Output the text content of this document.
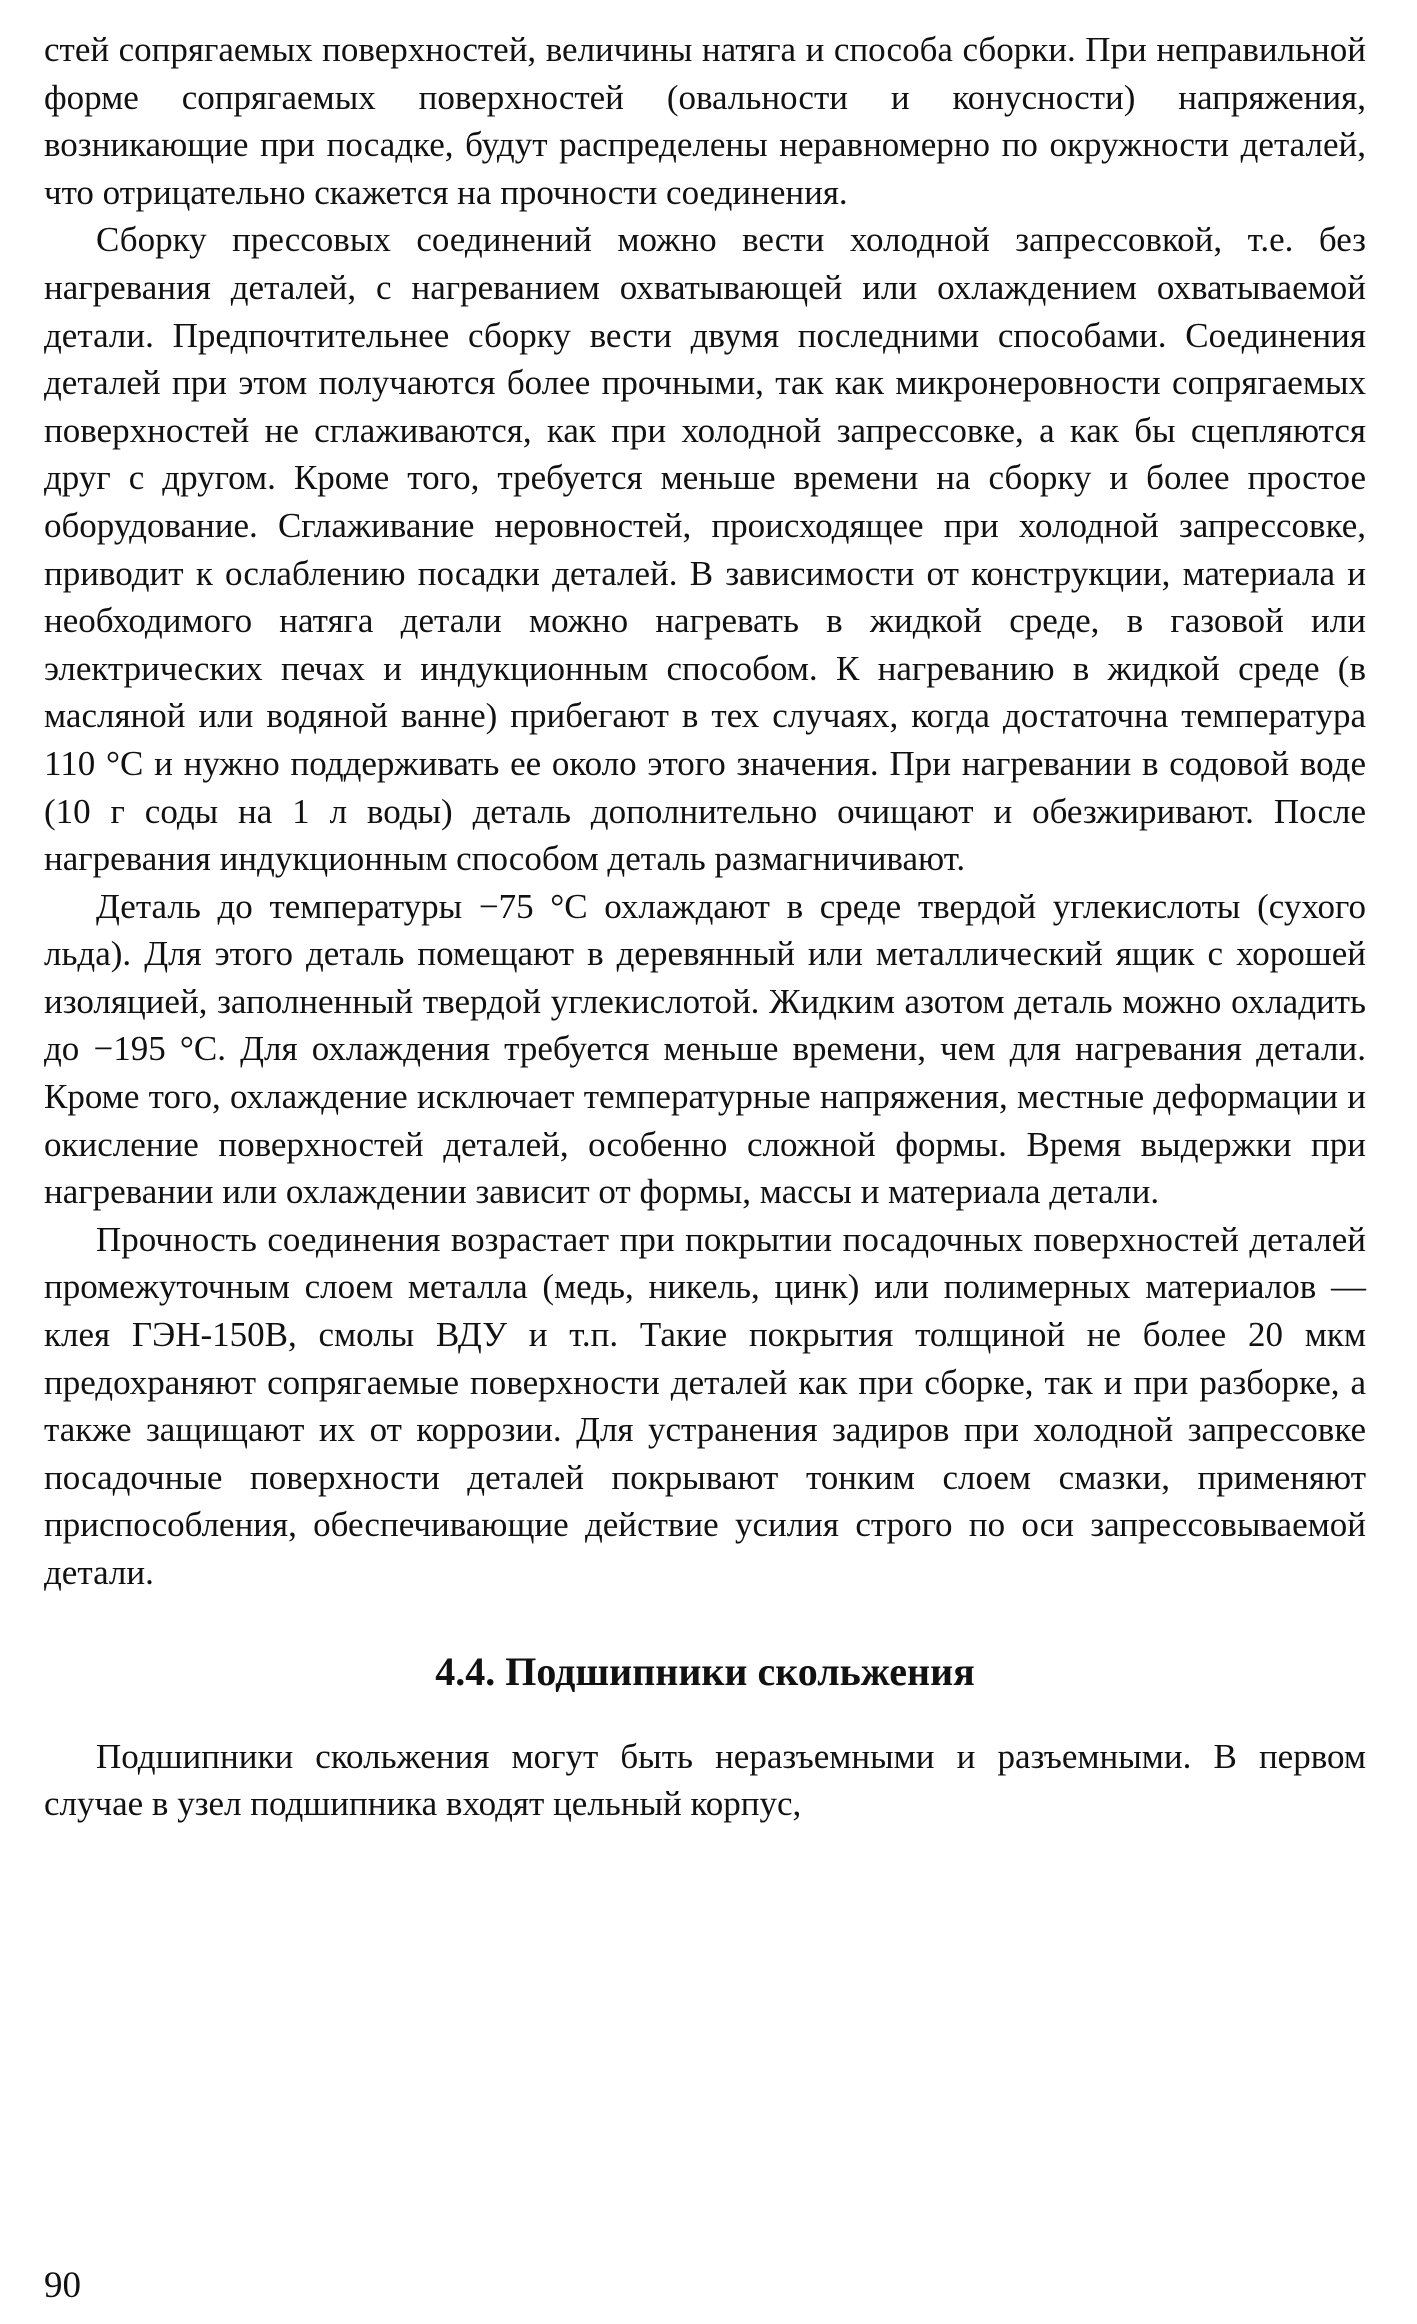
стей сопрягаемых поверхностей, величины натяга и способа сборки. При неправильной форме сопрягаемых поверхностей (овальности и конусности) напряжения, возникающие при посадке, будут распределены неравномерно по окружности деталей, что отрицательно скажется на прочности соединения.

Сборку прессовых соединений можно вести холодной запрессовкой, т.е. без нагревания деталей, с нагреванием охватывающей или охлаждением охватываемой детали. Предпочтительнее сборку вести двумя последними способами. Соединения деталей при этом получаются более прочными, так как микронеровности сопрягаемых поверхностей не сглаживаются, как при холодной запрессовке, а как бы сцепляются друг с другом. Кроме того, требуется меньше времени на сборку и более простое оборудование. Сглаживание неровностей, происходящее при холодной запрессовке, приводит к ослаблению посадки деталей. В зависимости от конструкции, материала и необходимого натяга детали можно нагревать в жидкой среде, в газовой или электрических печах и индукционным способом. К нагреванию в жидкой среде (в масляной или водяной ванне) прибегают в тех случаях, когда достаточна температура 110 °С и нужно поддерживать ее около этого значения. При нагревании в содовой воде (10 г соды на 1 л воды) деталь дополнительно очищают и обезжиривают. После нагревания индукционным способом деталь размагничивают.

Деталь до температуры −75 °С охлаждают в среде твердой углекислоты (сухого льда). Для этого деталь помещают в деревянный или металлический ящик с хорошей изоляцией, заполненный твердой углекислотой. Жидким азотом деталь можно охладить до −195 °С. Для охлаждения требуется меньше времени, чем для нагревания детали. Кроме того, охлаждение исключает температурные напряжения, местные деформации и окисление поверхностей деталей, особенно сложной формы. Время выдержки при нагревании или охлаждении зависит от формы, массы и материала детали.

Прочность соединения возрастает при покрытии посадочных поверхностей деталей промежуточным слоем металла (медь, никель, цинк) или полимерных материалов — клея ГЭН-150В, смолы ВДУ и т.п. Такие покрытия толщиной не более 20 мкм предохраняют сопрягаемые поверхности деталей как при сборке, так и при разборке, а также защищают их от коррозии. Для устранения задиров при холодной запрессовке посадочные поверхности деталей покрывают тонким слоем смазки, применяют приспособления, обеспечивающие действие усилия строго по оси запрессовываемой детали.

4.4. Подшипники скольжения

Подшипники скольжения могут быть неразъемными и разъемными. В первом случае в узел подшипника входят цельный корпус,

90
